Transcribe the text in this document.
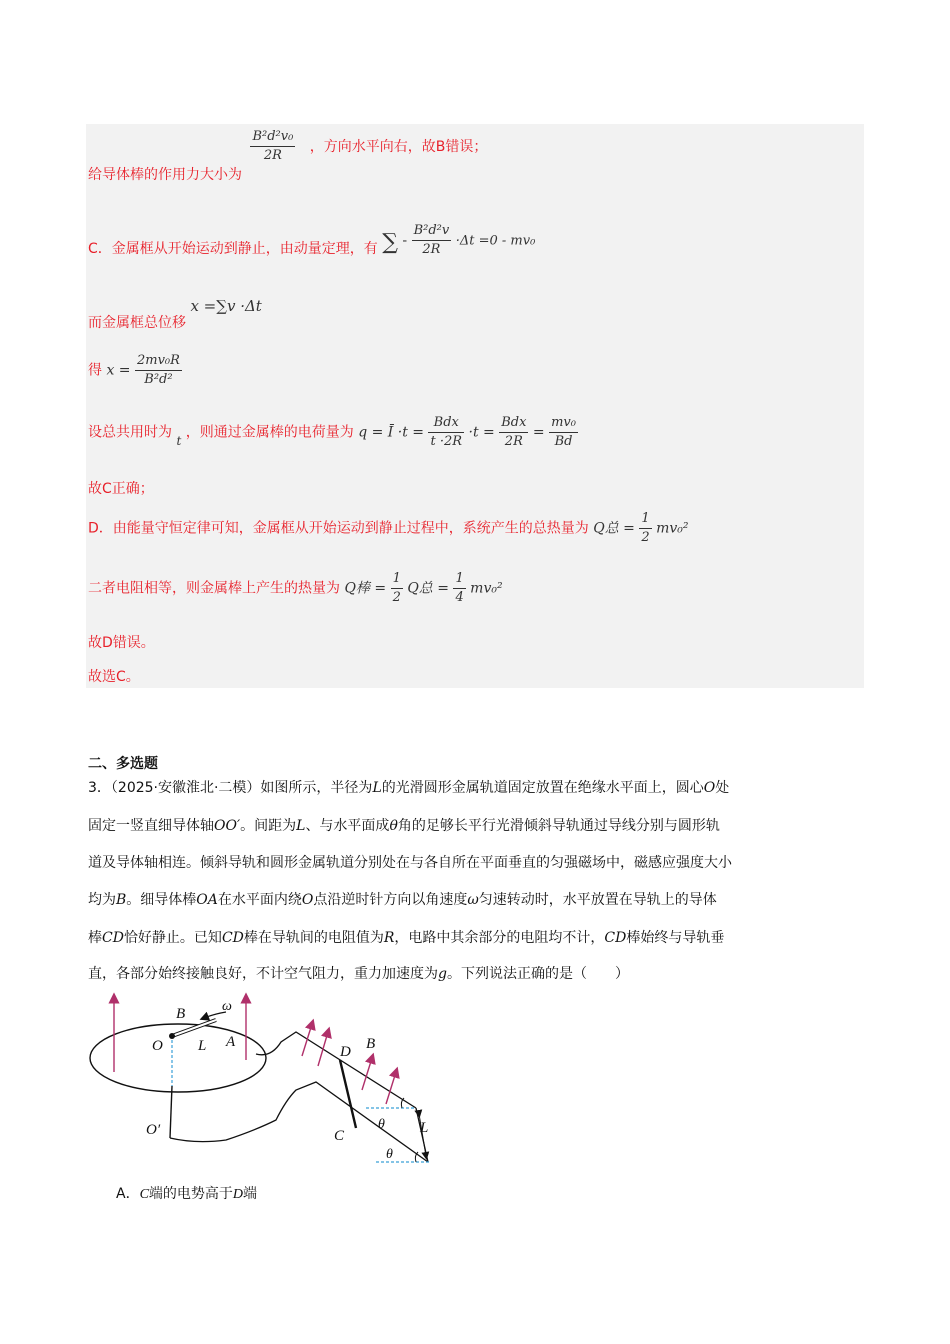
给导体棒的作用力大小为
$\frac{\text{B²d²v₀}}{2R}$ ，方向水平向右，故B错误；
C．金属框从开始运动到静止，由动量定理，有 ∑ - $\frac{\text{B²d²v}}{2R} \cdot\Delta t =0 - mv_0$
而金属框总位移 x =∑v ·Δt
得 $x = \frac{\text{2mv₀R}}{\text{B²d²}}$
设总共用时为 t ，则通过金属棒的电荷量为 q = Ī $\cdot t = \frac{\text{Bdx}}{t \cdot 2R} \cdot t = \frac{\text{Bdx}}{2R} = \frac{\text{mv₀}}{Bd}$
故C正确；
D．由能量守恒定律可知，金属框从开始运动到静止过程中，系统产生的总热量为 Q总 = $\frac{1}{2} mv_0^2$
二者电阻相等，则金属棒上产生的热量为 Q棒 = $\frac{1}{2}$ Q总 = $\frac{1}{4} mv_0^2$
故D错误。
故选C。
二、多选题
3．（2025·安徽淮北·二模）如图所示，半径为L的光滑圆形金属轨道固定放置在绝缘水平面上，圆心O处
固定一竖直细导体轴OO′。间距为L、与水平面成θ角的足够长平行光滑倾斜导轨通过导线分别与圆形轨
道及导体轴相连。倾斜导轨和圆形金属轨道分别处在与各自所在平面垂直的匀强磁场中，磁感应强度大小
均为B。细导体棒OA在水平面内绕O点沿逆时针方向以角速度ω匀速转动时，水平放置在导轨上的导体
棒CD恰好静止。已知CD棒在导轨间的电阻值为R，电路中其余部分的电阻均不计，CD棒始终与导轨垂
直，各部分始终接触良好，不计空气阻力，重力加速度为g。下列说法正确的是（　　）
B	ω
O L A
O′
D B
θ L
C
θ
A．C端的电势高于D端
